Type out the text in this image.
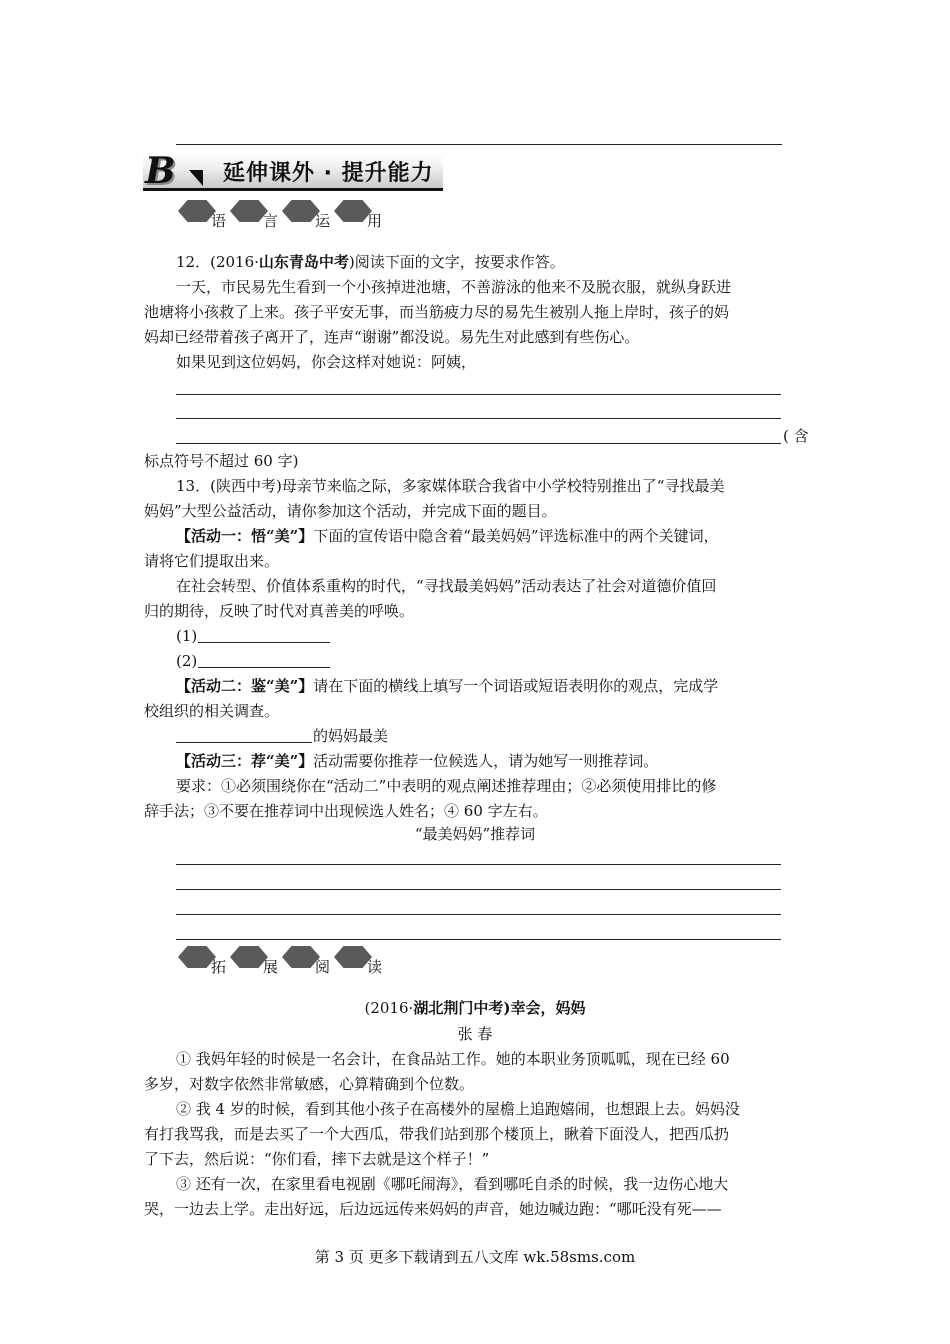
B	延伸课外 · 提升能力
语 言 运 用
12．(2016·山东青岛中考)阅读下面的文字，按要求作答。
一天，市民易先生看到一个小孩掉进池塘，不善游泳的他来不及脱衣服，就纵身跃进
池塘将小孩救了上来。孩子平安无事，而当筋疲力尽的易先生被别人拖上岸时，孩子的妈
妈却已经带着孩子离开了，连声“谢谢”都没说。易先生对此感到有些伤心。
如果见到这位妈妈，你会这样对她说：阿姨，
( 含
标点符号不超过 60 字)
13．(陕西中考)母亲节来临之际，多家媒体联合我省中小学校特别推出了“寻找最美
妈妈”大型公益活动，请你参加这个活动，并完成下面的题目。
【活动一：悟“美”】下面的宣传语中隐含着“最美妈妈”评选标准中的两个关键词，
请将它们提取出来。
在社会转型、价值体系重构的时代，“寻找最美妈妈”活动表达了社会对道德价值回
归的期待，反映了时代对真善美的呼唤。
(1)
(2)
【活动二：鉴“美”】请在下面的横线上填写一个词语或短语表明你的观点，完成学
校组织的相关调查。
的妈妈最美
【活动三：荐“美”】活动需要你推荐一位候选人，请为她写一则推荐词。
要求：①必须围绕你在“活动二”中表明的观点阐述推荐理由；②必须使用排比的修
辞手法；③不要在推荐词中出现候选人姓名；④ 60 字左右。
“最美妈妈”推荐词
拓 展 阅 读
(2016·湖北荆门中考)幸会，妈妈
张 春
① 我妈年轻的时候是一名会计，在食品站工作。她的本职业务顶呱呱，现在已经 60
多岁，对数字依然非常敏感，心算精确到个位数。
② 我 4 岁的时候，看到其他小孩子在高楼外的屋檐上追跑嬉闹，也想跟上去。妈妈没
有打我骂我，而是去买了一个大西瓜，带我们站到那个楼顶上，瞅着下面没人，把西瓜扔
了下去，然后说：“你们看，摔下去就是这个样子！”
③ 还有一次，在家里看电视剧《哪吒闹海》，看到哪吒自杀的时候，我一边伤心地大
哭，一边去上学。走出好远，后边远远传来妈妈的声音，她边喊边跑：“哪吒没有死——
第 3 页 更多下载请到五八文库 wk.58sms.com
